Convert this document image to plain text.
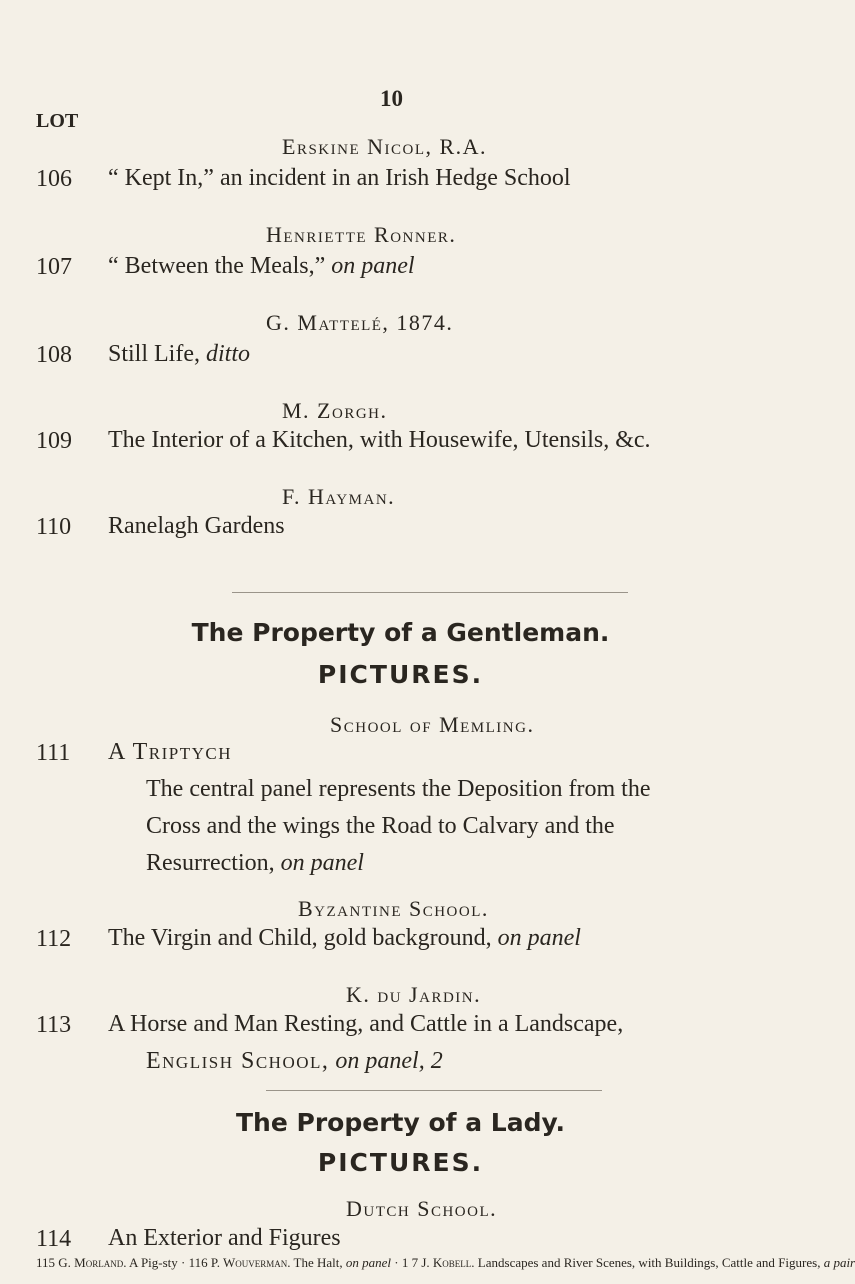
10
LOT
Erskine Nicol, R.A.
106 “ Kept In,” an incident in an Irish Hedge School
Henriette Ronner.
107 “ Between the Meals,” on panel
G. Mattelé, 1874.
108 Still Life, ditto
M. Zorgh.
109 The Interior of a Kitchen, with Housewife, Utensils, &c.
F. Hayman.
110 Ranelagh Gardens
The Property of a Gentleman.
PICTURES.
School of Memling.
111 A Triptych
The central panel represents the Deposition from the
Cross and the wings the Road to Calvary and the
Resurrection, on panel
Byzantine School.
112 The Virgin and Child, gold background, on panel
K. du Jardin.
113 A Horse and Man Resting, and Cattle in a Landscape,
English School, on panel, 2
The Property of a Lady.
PICTURES.
Dutch School.
114 An Exterior and Figures
115 G. Morland. A Pig-sty · 116 P. Wouverman. The Halt, on panel · 1 7 J. Kobell. Landscapes and River Scenes, with Buildings, Cattle and Figures, a pair
